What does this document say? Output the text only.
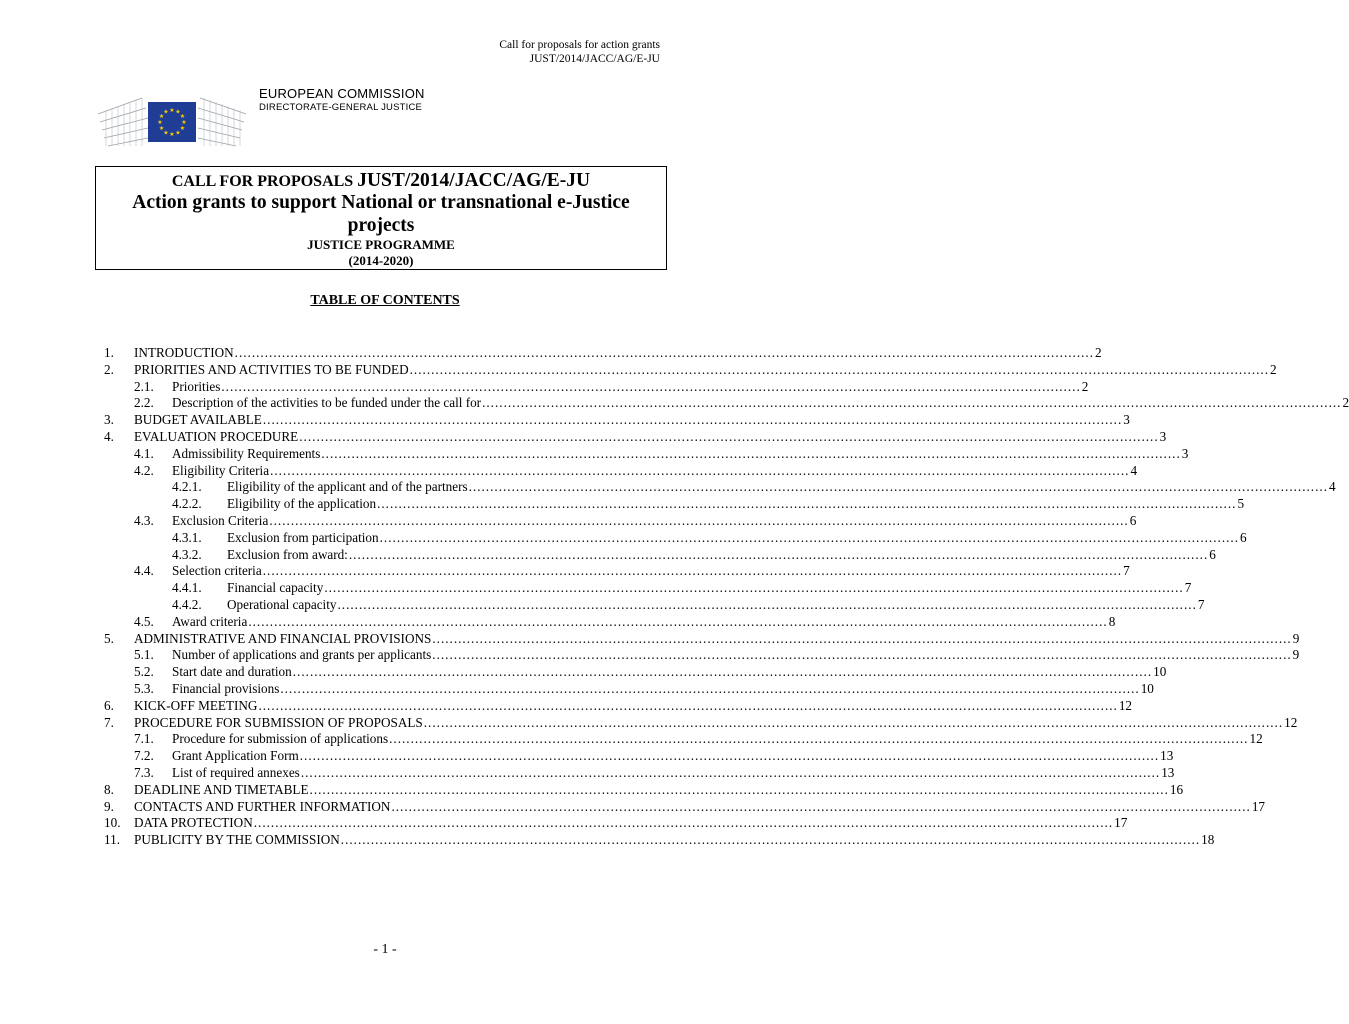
Call for proposals for action grants
JUST/2014/JACC/AG/E-JU
★ ★
★
★
★
★
★
★
★
★
★
★
EUROPEAN COMMISSION
DIRECTORATE-GENERAL JUSTICE
CALL FOR PROPOSALS JUST/2014/JACC/AG/E-JU
Action grants to support National or transnational e-Justice projects
JUSTICE PROGRAMME
(2014-2020)
TABLE OF CONTENTS
1. INTRODUCTION ........................................................................................................................................................................................................ 2
2. PRIORITIES AND ACTIVITIES TO BE FUNDED ........................................................................................................................................................................................................ 2
2.1. Priorities ........................................................................................................................................................................................................ 2
2.2. Description of the activities to be funded under the call for ........................................................................................................................................................................................................ 2
3. BUDGET AVAILABLE ........................................................................................................................................................................................................ 3
4. EVALUATION PROCEDURE ........................................................................................................................................................................................................ 3
4.1. Admissibility Requirements ........................................................................................................................................................................................................ 3
4.2. Eligibility Criteria ........................................................................................................................................................................................................ 4
4.2.1. Eligibility of the applicant and of the partners ........................................................................................................................................................................................................ 4
4.2.2. Eligibility of the application ........................................................................................................................................................................................................ 5
4.3. Exclusion Criteria ........................................................................................................................................................................................................ 6
4.3.1. Exclusion from participation ........................................................................................................................................................................................................ 6
4.3.2. Exclusion from award: ........................................................................................................................................................................................................ 6
4.4. Selection criteria ........................................................................................................................................................................................................ 7
4.4.1. Financial capacity ........................................................................................................................................................................................................ 7
4.4.2. Operational capacity ........................................................................................................................................................................................................ 7
4.5. Award criteria ........................................................................................................................................................................................................ 8
5. ADMINISTRATIVE AND FINANCIAL PROVISIONS ........................................................................................................................................................................................................ 9
5.1. Number of applications and grants per applicants ........................................................................................................................................................................................................ 9
5.2. Start date and duration ........................................................................................................................................................................................................ 10
5.3. Financial provisions ........................................................................................................................................................................................................ 10
6. KICK-OFF MEETING ........................................................................................................................................................................................................ 12
7. PROCEDURE FOR SUBMISSION OF PROPOSALS ........................................................................................................................................................................................................ 12
7.1. Procedure for submission of applications ........................................................................................................................................................................................................ 12
7.2. Grant Application Form ........................................................................................................................................................................................................ 13
7.3. List of required annexes ........................................................................................................................................................................................................ 13
8. DEADLINE AND TIMETABLE ........................................................................................................................................................................................................ 16
9. CONTACTS AND FURTHER INFORMATION ........................................................................................................................................................................................................ 17
10. DATA PROTECTION ........................................................................................................................................................................................................ 17
11. PUBLICITY BY THE COMMISSION ........................................................................................................................................................................................................ 18
- 1 -
